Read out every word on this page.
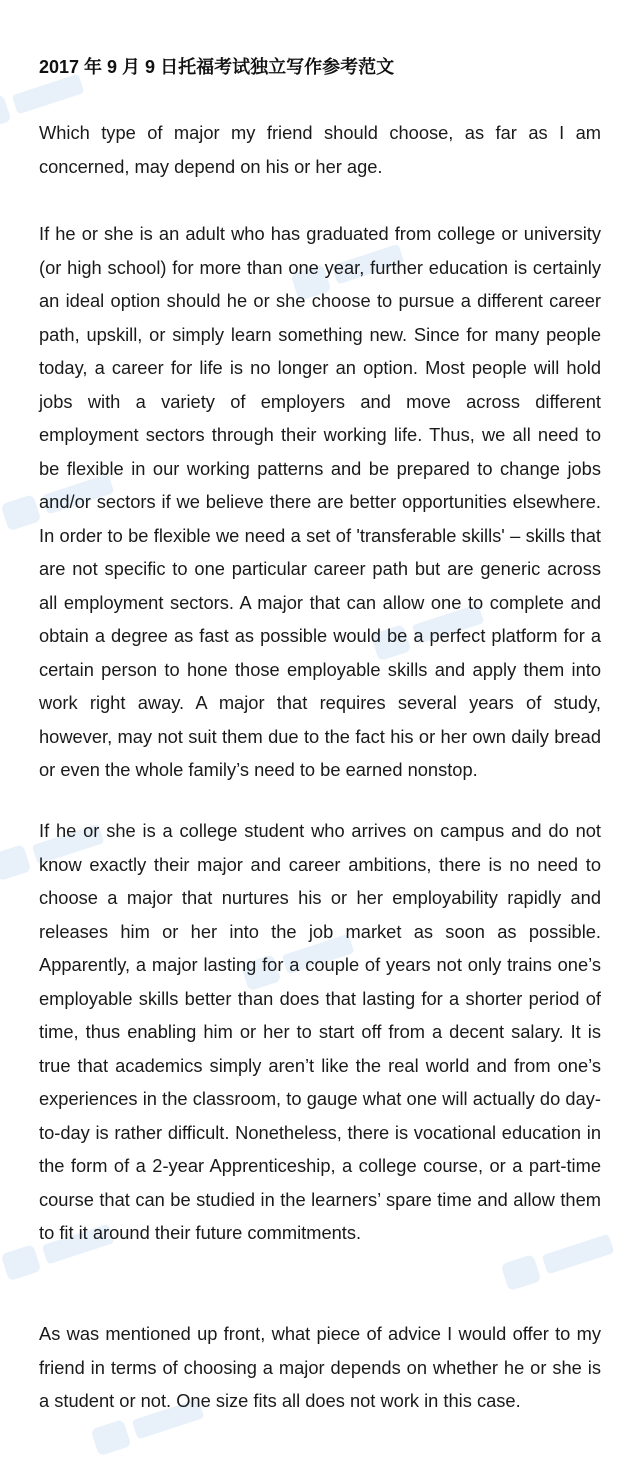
2017 年 9 月 9 日托福考试独立写作参考范文

Which type of major my friend should choose, as far as I am concerned, may depend on his or her age.

If he or she is an adult who has graduated from college or university (or high school) for more than one year, further education is certainly an ideal option should he or she choose to pursue a different career path, upskill, or simply learn something new. Since for many people today, a career for life is no longer an option. Most people will hold jobs with a variety of employers and move across different employment sectors through their working life. Thus, we all need to be flexible in our working patterns and be prepared to change jobs and/or sectors if we believe there are better opportunities elsewhere. In order to be flexible we need a set of 'transferable skills' – skills that are not specific to one particular career path but are generic across all employment sectors. A major that can allow one to complete and obtain a degree as fast as possible would be a perfect platform for a certain person to hone those employable skills and apply them into work right away. A major that requires several years of study, however, may not suit them due to the fact his or her own daily bread or even the whole family’s need to be earned nonstop.

If he or she is a college student who arrives on campus and do not know exactly their major and career ambitions, there is no need to choose a major that nurtures his or her employability rapidly and releases him or her into the job market as soon as possible. Apparently, a major lasting for a couple of years not only trains one’s employable skills better than does that lasting for a shorter period of time, thus enabling him or her to start off from a decent salary. It is true that academics simply aren’t like the real world and from one’s experiences in the classroom, to gauge what one will actually do day-to-day is rather difficult. Nonetheless, there is vocational education in the form of a 2-year Apprenticeship, a college course, or a part-time course that can be studied in the learners’ spare time and allow them to fit it around their future commitments.

As was mentioned up front, what piece of advice I would offer to my friend in terms of choosing a major depends on whether he or she is a student or not. One size fits all does not work in this case.
